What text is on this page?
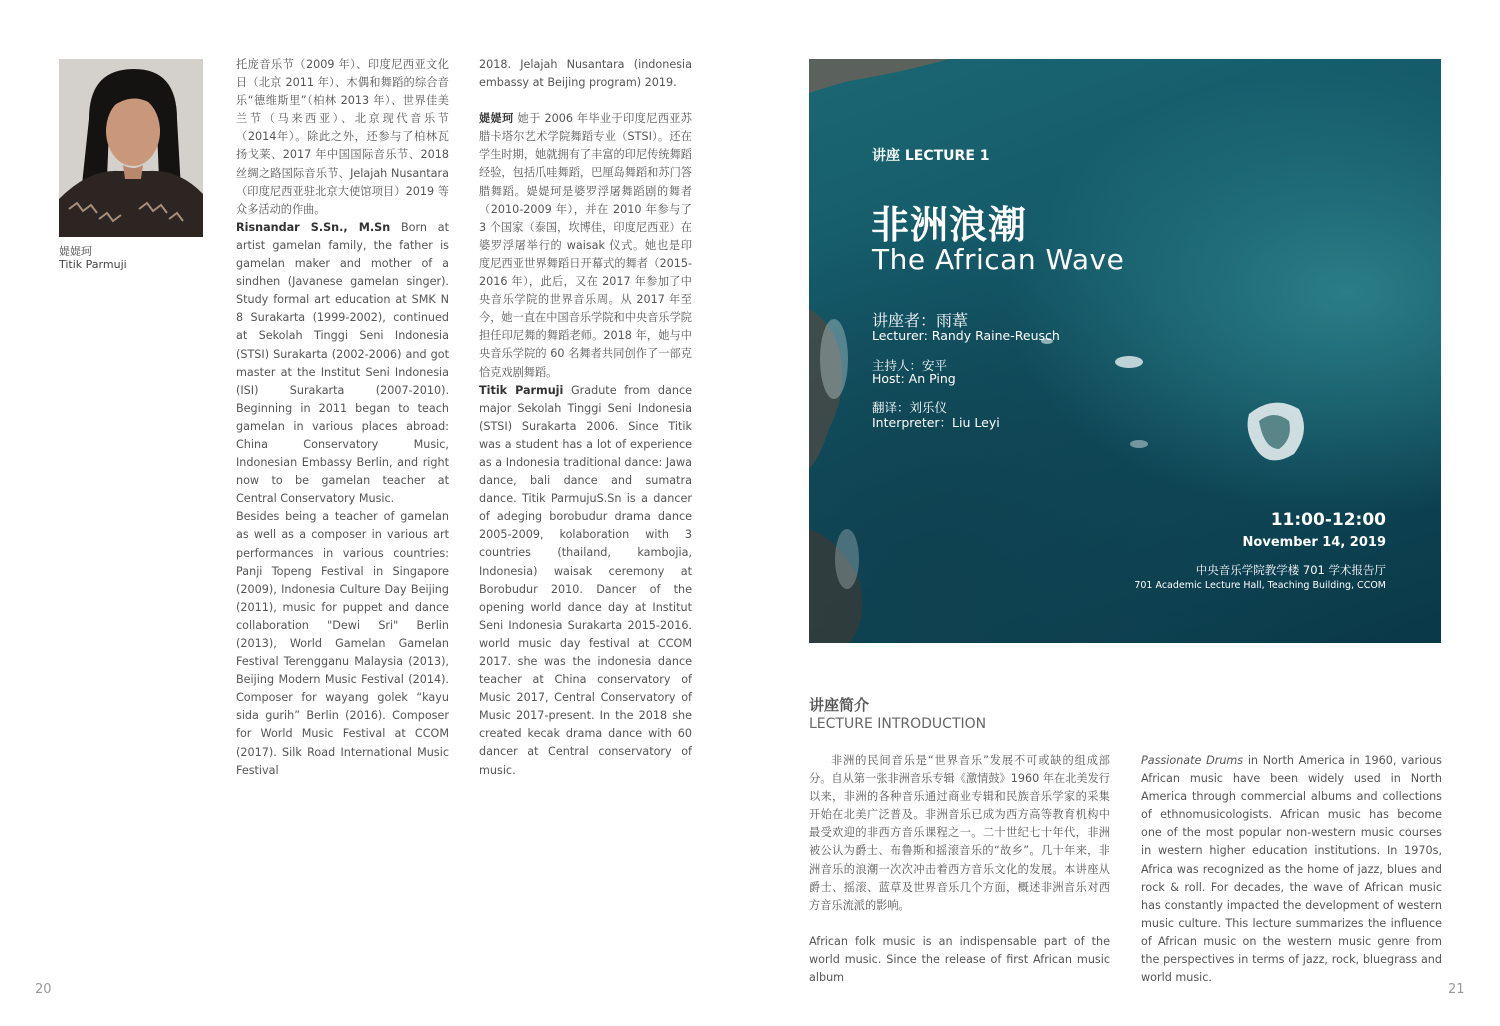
媞媞珂
Titik Parmuji

托庞音乐节（2009 年）、印度尼西亚文化日（北京 2011 年）、木偶和舞蹈的综合音乐“德维斯里”（柏林 2013 年）、世界佳美兰节（马来西亚）、北京现代音乐节（2014年）。除此之外，还参与了柏林瓦扬戈莱、2017 年中国国际音乐节、2018 丝绸之路国际音乐节、Jelajah Nusantara（印度尼西亚驻北京大使馆项目）2019 等众多活动的作曲。

Risnandar S.Sn., M.Sn Born at artist gamelan family, the father is gamelan maker and mother of a sindhen (Javanese gamelan singer). Study formal art education at SMK N 8 Surakarta (1999-2002), continued at Sekolah Tinggi Seni Indonesia (STSI) Surakarta (2002-2006) and got master at the Institut Seni Indonesia (ISI) Surakarta (2007-2010). Beginning in 2011 began to teach gamelan in various places abroad: China Conservatory Music, Indonesian Embassy Berlin, and right now to be gamelan teacher at Central Conservatory Music.

Besides being a teacher of gamelan as well as a composer in various art performances in various countries: Panji Topeng Festival in Singapore (2009), Indonesia Culture Day Beijing (2011), music for puppet and dance collaboration "Dewi Sri" Berlin (2013), World Gamelan Gamelan Festival Terengganu Malaysia (2013), Beijing Modern Music Festival (2014). Composer for wayang golek “kayu sida gurih” Berlin (2016). Composer for World Music Festival at CCOM (2017). Silk Road International Music Festival

2018. Jelajah Nusantara (indonesia embassy at Beijing program) 2019.

媞媞珂 她于 2006 年毕业于印度尼西亚苏腊卡塔尔艺术学院舞蹈专业（STSI）。还在学生时期，她就拥有了丰富的印尼传统舞蹈经验，包括爪哇舞蹈，巴厘岛舞蹈和苏门答腊舞蹈。媞媞珂是婆罗浮屠舞蹈剧的舞者（2010-2009 年），并在 2010 年参与了 3 个国家（泰国，坎博佳，印度尼西亚）在婆罗浮屠举行的 waisak 仪式。她也是印度尼西亚世界舞蹈日开幕式的舞者（2015-2016 年），此后，又在 2017 年参加了中央音乐学院的世界音乐周。从 2017 年至今，她一直在中国音乐学院和中央音乐学院担任印尼舞的舞蹈老师。2018 年，她与中央音乐学院的 60 名舞者共同创作了一部克恰克戏剧舞蹈。

Titik Parmuji Gradute from dance major Sekolah Tinggi Seni Indonesia (STSI) Surakarta 2006. Since Titik was a student has a lot of experience as a Indonesia traditional dance: Jawa dance, bali dance and sumatra dance. Titik ParmujuS.Sn is a dancer of adeging borobudur drama dance 2005-2009, kolaboration with 3 countries (thailand, kambojia, Indonesia) waisak ceremony at Borobudur 2010. Dancer of the opening world dance day at Institut Seni Indonesia Surakarta 2015-2016. world music day festival at CCOM 2017. she was the indonesia dance teacher at China conservatory of Music 2017, Central Conservatory of Music 2017-present. In the 2018 she created kecak drama dance with 60 dancer at Central conservatory of music.

20
讲座 LECTURE 1
非洲浪潮
The African Wave
讲座者：雨葦
Lecturer: Randy Raine-Reusch
主持人：安平
Host: An Ping
翻译：刘乐仪
Interpreter：Liu Leyi
11:00-12:00
November 14, 2019
中央音乐学院教学楼 701 学术报告厅
701 Academic Lecture Hall, Teaching Building, CCOM
讲座简介
LECTURE INTRODUCTION

非洲的民间音乐是“世界音乐”发展不可或缺的组成部分。自从第一张非洲音乐专辑《激情鼓》1960 年在北美发行以来，非洲的各种音乐通过商业专辑和民族音乐学家的采集开始在北美广泛普及。非洲音乐已成为西方高等教育机构中最受欢迎的非西方音乐课程之一。二十世纪七十年代，非洲被公认为爵士、布鲁斯和摇滚音乐的“故乡”。几十年来，非洲音乐的浪潮一次次冲击着西方音乐文化的发展。本讲座从爵士、摇滚、蓝草及世界音乐几个方面，概述非洲音乐对西方音乐流派的影响。

African folk music is an indispensable part of the world music. Since the release of first African music album

Passionate Drums in North America in 1960, various African music have been widely used in North America through commercial albums and collections of ethnomusicologists. African music has become one of the most popular non-western music courses in western higher education institutions. In 1970s, Africa was recognized as the home of jazz, blues and rock & roll. For decades, the wave of African music has constantly impacted the development of western music culture. This lecture summarizes the influence of African music on the western music genre from the perspectives in terms of jazz, rock, bluegrass and world music.

21
